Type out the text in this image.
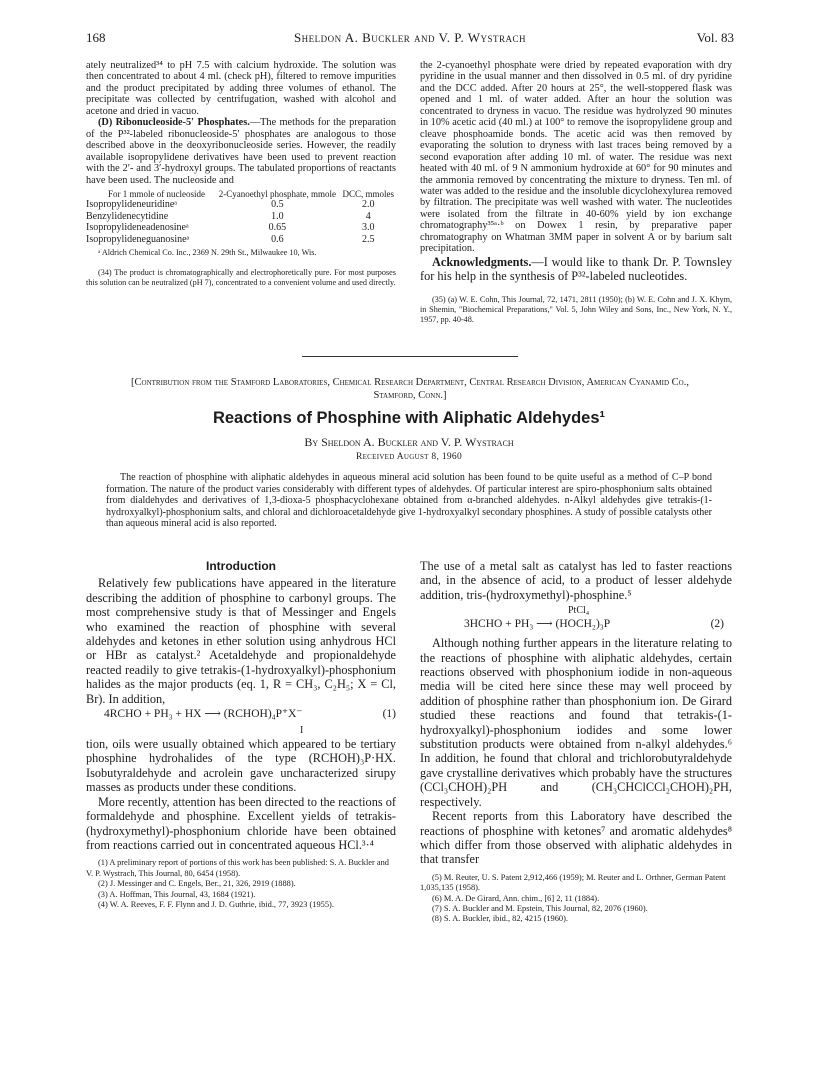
168	Sheldon A. Buckler and V. P. Wystrach	Vol. 83

ately neutralized³⁴ to pH 7.5 with calcium hydroxide. The solution was then concentrated to about 4 ml. (check pH), filtered to remove impurities and the product precipitated by adding three volumes of ethanol. The precipitate was collected by centrifugation, washed with alcohol and acetone and dried in vacuo.

(D) Ribonucleoside-5′ Phosphates.—The methods for the preparation of the P³²-labeled ribonucleoside-5′ phosphates are analogous to those described above in the deoxyribonucleoside series. However, the readily available isopropylidene derivatives have been used to prevent reaction with the 2′- and 3′-hydroxyl groups. The tabulated proportions of reactants have been used. The nucleoside and

For 1 mmole of nucleoside	2-Cyanoethyl phosphate, mmole	DCC, mmoles
Isopropylideneuridineᵃ	0.5	2.0
Benzylidenecytidine	1.0	4
Isopropylideneadenosineᵃ	0.65	3.0
Isopropylideneguanosineᵃ	0.6	2.5

ᵃ Aldrich Chemical Co. Inc., 2369 N. 29th St., Milwaukee 10, Wis.

(34) The product is chromatographically and electrophoretically pure. For most purposes this solution can be neutralized (pH 7), concentrated to a convenient volume and used directly.

the 2-cyanoethyl phosphate were dried by repeated evaporation with dry pyridine in the usual manner and then dissolved in 0.5 ml. of dry pyridine and the DCC added. After 20 hours at 25°, the well-stoppered flask was opened and 1 ml. of water added. After an hour the solution was concentrated to dryness in vacuo. The residue was hydrolyzed 90 minutes in 10% acetic acid (40 ml.) at 100° to remove the isopropylidene group and cleave phosphoamide bonds. The acetic acid was then removed by evaporating the solution to dryness with last traces being removed by a second evaporation after adding 10 ml. of water. The residue was next heated with 40 ml. of 9 N ammonium hydroxide at 60° for 90 minutes and the ammonia removed by concentrating the mixture to dryness. Ten ml. of water was added to the residue and the insoluble dicyclohexylurea removed by filtration. The precipitate was well washed with water. The nucleotides were isolated from the filtrate in 40-60% yield by ion exchange chromatography³⁵ᵃ·ᵇ on Dowex 1 resin, by preparative paper chromatography on Whatman 3MM paper in solvent A or by barium salt precipitation.

Acknowledgments.—I would like to thank Dr. P. Townsley for his help in the synthesis of P³²-labeled nucleotides.

(35) (a) W. E. Cohn, This Journal, 72, 1471, 2811 (1950); (b) W. E. Cohn and J. X. Khym, in Shemin, "Biochemical Preparations," Vol. 5, John Wiley and Sons, Inc., New York, N. Y., 1957, pp. 40-48.

[Contribution from the Stamford Laboratories, Chemical Research Department, Central Research Division, American Cyanamid Co., Stamford, Conn.]
Reactions of Phosphine with Aliphatic Aldehydes¹
By Sheldon A. Buckler and V. P. Wystrach
Received August 8, 1960
The reaction of phosphine with aliphatic aldehydes in aqueous mineral acid solution has been found to be quite useful as a method of C–P bond formation. The nature of the product varies considerably with different types of aldehydes. Of particular interest are spiro-phosphonium salts obtained from dialdehydes and derivatives of 1,3-dioxa-5 phosphacyclohexane obtained from α-branched aldehydes. n-Alkyl aldehydes give tetrakis-(1-hydroxyalkyl)-phosphonium salts, and chloral and dichloroacetaldehyde give 1-hydroxyalkyl secondary phosphines. A study of possible catalysts other than aqueous mineral acid is also reported.
Introduction

Relatively few publications have appeared in the literature describing the addition of phosphine to carbonyl groups. The most comprehensive study is that of Messinger and Engels who examined the reaction of phosphine with several aldehydes and ketones in ether solution using anhydrous HCl or HBr as catalyst.² Acetaldehyde and propionaldehyde reacted readily to give tetrakis-(1-hydroxyalkyl)-phosphonium halides as the major products (eq. 1, R = CH₃, C₂H₅; X = Cl, Br). In addition,

4RCHO + PH₃ + HX ⟶ (RCHOH)₄P⁺X⁻	(1)
I

tion, oils were usually obtained which appeared to be tertiary phosphine hydrohalides of the type (RCHOH)₃P·HX. Isobutyraldehyde and acrolein gave uncharacterized sirupy masses as products under these conditions.

More recently, attention has been directed to the reactions of formaldehyde and phosphine. Excellent yields of tetrakis-(hydroxymethyl)-phosphonium chloride have been obtained from reactions carried out in concentrated aqueous HCl.³·⁴

(1) A preliminary report of portions of this work has been published: S. A. Buckler and V. P. Wystrach, This Journal, 80, 6454 (1958).

(2) J. Messinger and C. Engels, Ber., 21, 326, 2919 (1888).

(3) A. Hoffman, This Journal, 43, 1684 (1921).

(4) W. A. Reeves, F. F. Flynn and J. D. Guthrie, ibid., 77, 3923 (1955).

The use of a metal salt as catalyst has led to faster reactions and, in the absence of acid, to a product of lesser aldehyde addition, tris-(hydroxymethyl)-phosphine.⁵

PtCl₄
3HCHO + PH₃ ⟶ (HOCH₂)₃P	(2)

Although nothing further appears in the literature relating to the reactions of phosphine with aliphatic aldehydes, certain reactions observed with phosphonium iodide in non-aqueous media will be cited here since these may well proceed by addition of phosphine rather than phosphonium ion. De Girard studied these reactions and found that tetrakis-(1-hydroxyalkyl)-phosphonium iodides and some lower substitution products were obtained from n-alkyl aldehydes.⁶ In addition, he found that chloral and trichlorobutyraldehyde gave crystalline derivatives which probably have the structures (CCl₃CHOH)₂PH and (CH₃CHClCCl₂CHOH)₂PH, respectively.

Recent reports from this Laboratory have described the reactions of phosphine with ketones⁷ and aromatic aldehydes⁸ which differ from those observed with aliphatic aldehydes in that transfer

(5) M. Reuter, U. S. Patent 2,912,466 (1959); M. Reuter and L. Orthner, German Patent 1,035,135 (1958).

(6) M. A. De Girard, Ann. chim., [6] 2, 11 (1884).

(7) S. A. Buckler and M. Epstein, This Journal, 82, 2076 (1960).

(8) S. A. Buckler, ibid., 82, 4215 (1960).
